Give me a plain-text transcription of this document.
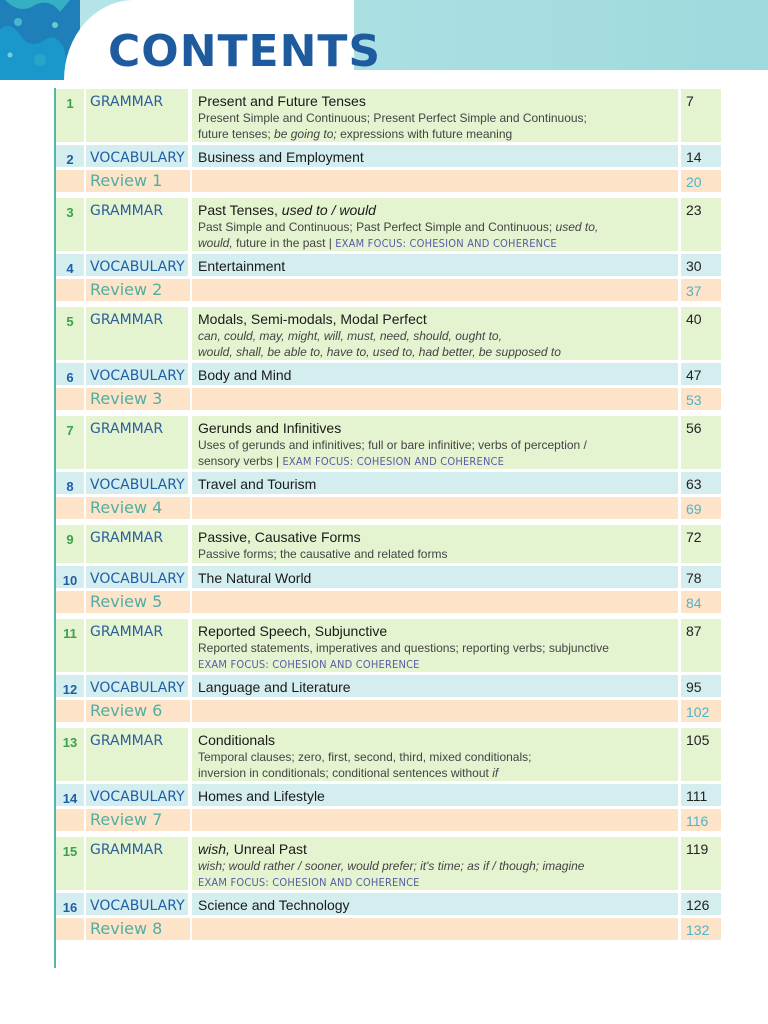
CONTENTS
1	GRAMMAR	Present and Future Tenses
Present Simple and Continuous; Present Perfect Simple and Continuous;
future tenses; be going to; expressions with future meaning
7
2	VOCABULARY Business and Employment	14
Review 1	20
3	GRAMMAR	Past Tenses, used to / would
Past Simple and Continuous; Past Perfect Simple and Continuous; used to,
would, future in the past | EXAM FOCUS: COHESION AND COHERENCE
23
4	VOCABULARY Entertainment	30
Review 2	37
5	GRAMMAR	Modals, Semi-modals, Modal Perfect
can, could, may, might, will, must, need, should, ought to,
would, shall, be able to, have to, used to, had better, be supposed to
40
6	VOCABULARY Body and Mind	47
Review 3	53
7	GRAMMAR	Gerunds and Infinitives
Uses of gerunds and infinitives; full or bare infinitive; verbs of perception /
sensory verbs | EXAM FOCUS: COHESION AND COHERENCE
56
8	VOCABULARY Travel and Tourism	63
Review 4	69
9	GRAMMAR	Passive, Causative Forms
Passive forms; the causative and related forms
72
10 VOCABULARY The Natural World	78
Review 5	84
11 GRAMMAR	Reported Speech, Subjunctive
Reported statements, imperatives and questions; reporting verbs; subjunctive
EXAM FOCUS: COHESION AND COHERENCE
87
12 VOCABULARY Language and Literature	95
Review 6	102
13 GRAMMAR	Conditionals
Temporal clauses; zero, first, second, third, mixed conditionals;
inversion in conditionals; conditional sentences without if
105
14 VOCABULARY Homes and Lifestyle	111
Review 7	116
15 GRAMMAR	wish, Unreal Past
wish; would rather / sooner, would prefer; it's time; as if / though; imagine
EXAM FOCUS: COHESION AND COHERENCE
119
16 VOCABULARY Science and Technology	126
Review 8	132
